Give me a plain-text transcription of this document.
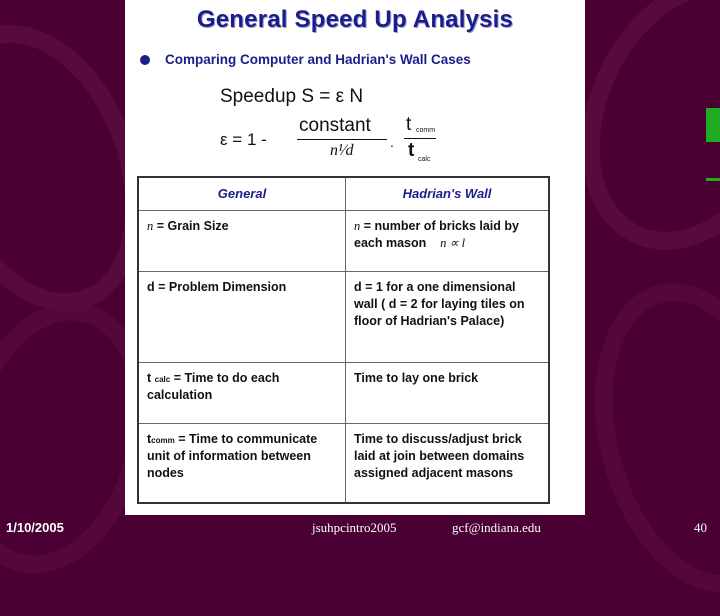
General Speed Up Analysis
Comparing Computer and Hadrian's Wall Cases
Speedup S = ε N
ε = 1 -
constant
n¹⁄d	.
t comm
t calc
General	Hadrian's Wall
n = Grain Size	n = number of bricks laid by each mason n ∝ l
d = Problem Dimension	d = 1 for a one dimensional wall ( d = 2 for laying tiles on floor of Hadrian's Palace)
t calc = Time to do each calculation	Time to lay one brick
tcomm = Time to communicate unit of information between nodes	Time to discuss/adjust brick laid at join between domains assigned adjacent masons
1/10/2005	jsuhpcintro2005	gcf@indiana.edu	40
